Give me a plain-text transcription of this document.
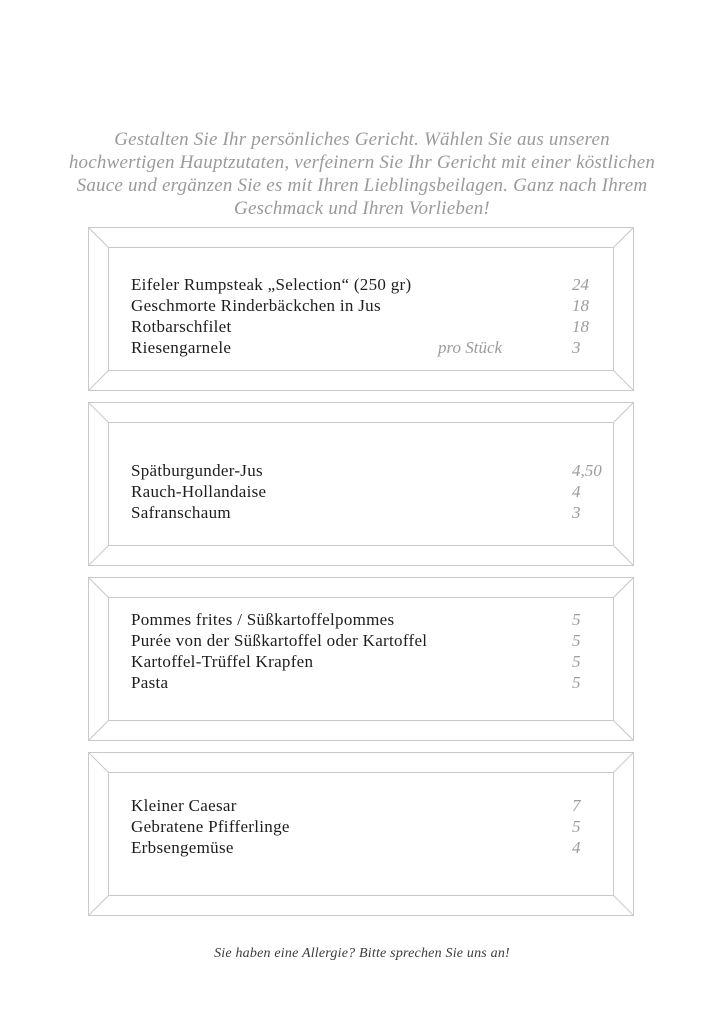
Gestalten Sie Ihr persönliches Gericht. Wählen Sie aus unseren
hochwertigen Hauptzutaten, verfeinern Sie Ihr Gericht mit einer köstlichen
Sauce und ergänzen Sie es mit Ihren Lieblingsbeilagen. Ganz nach Ihrem
Geschmack und Ihren Vorlieben!
Eifeler Rumpsteak „Selection“ (250 gr)	24
Geschmorte Rinderbäckchen in Jus	18
Rotbarschfilet	18
Riesengarnele	pro Stück	3
Spätburgunder-Jus	4,50
Rauch-Hollandaise	4
Safranschaum	3
Pommes frites / Süßkartoffelpommes	5
Purée von der Süßkartoffel oder Kartoffel	5
Kartoffel-Trüffel Krapfen	5
Pasta	5
Kleiner Caesar	7
Gebratene Pfifferlinge	5
Erbsengemüse	4
Sie haben eine Allergie? Bitte sprechen Sie uns an!
